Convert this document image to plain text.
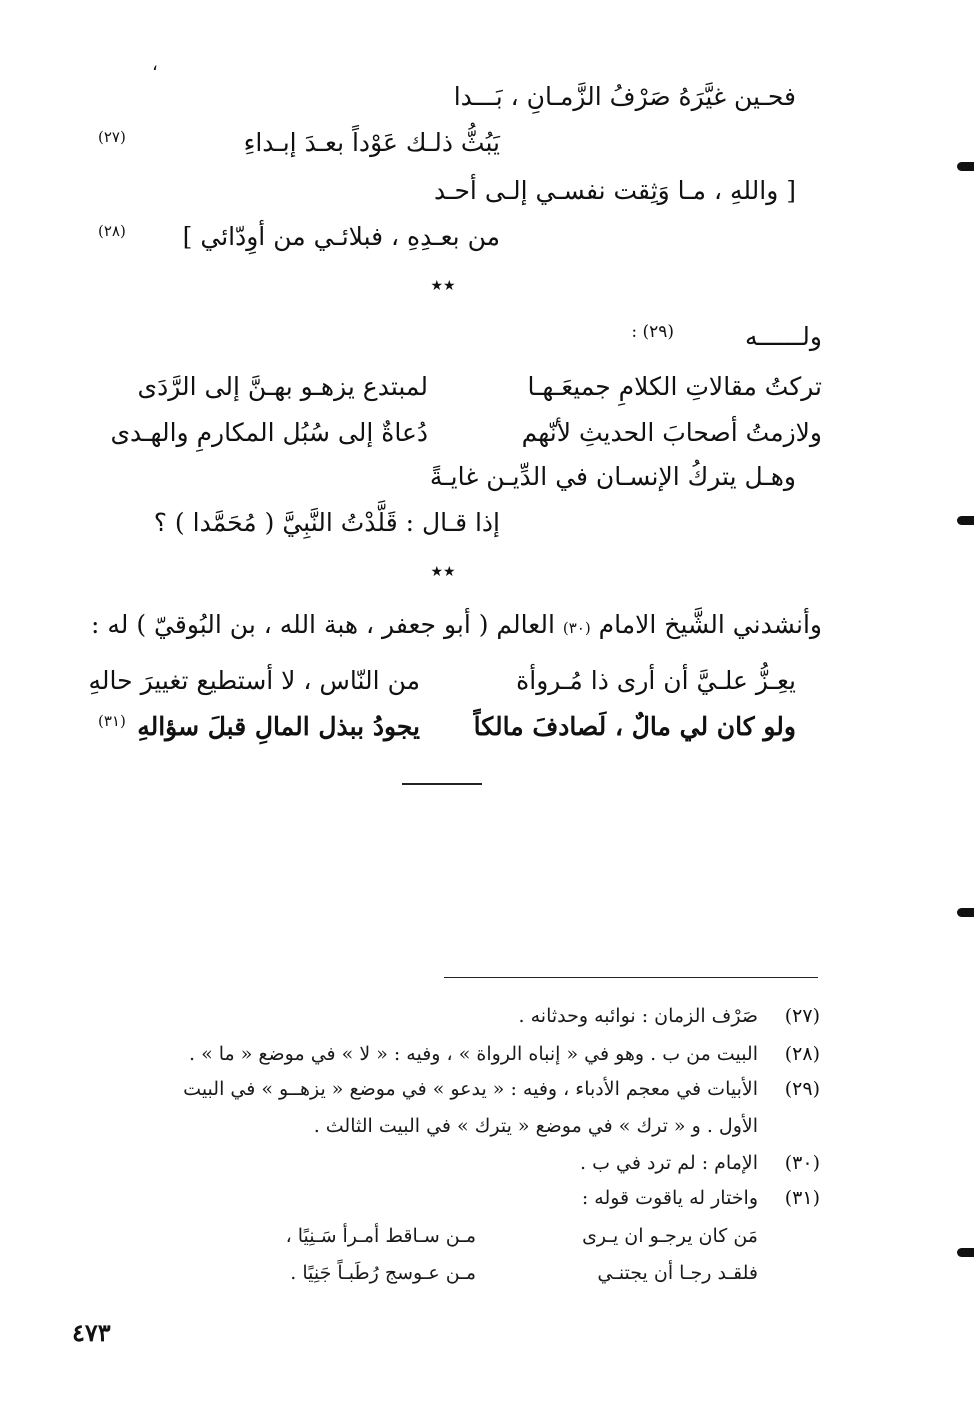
،
فحـين غيَّرَهُ صَرْفُ الزَّمـانِ ، بَـــدا
يَبُثُّ ذلـك عَوْداً بعـدَ إبـداءِ
(٢٧)
[ واللهِ ، مـا وَثِقت نفسـي إلـى أحـد
من بعـدِهِ ، فبلائـي من أوِدّائي ]
(٢٨)
★★
ولــــــه
(٢٩) :
تركتُ مقالاتِ الكلامِ جميعَـهـا
لمبتدع يزهـو بهـنَّ إلى الرَّدَى
ولازمتُ أصحابَ الحديثِ لأنّهم
دُعاةٌ إلى سُبُل المكارمِ والهـدى
وهـل يتركُ الإنسـان في الدِّيـن غايـةً
إذا قـال : قَلَّدْتُ النَّبِيَّ ( مُحَمَّدا ) ؟
★★
وأنشدني الشَّيخ الامام (٣٠) العالم ( أبو جعفر ، هبة الله ، بن البُوقيّ ) له :
يعِـزُّ علـيَّ أن أرى ذا مُـروأة
من النّاس ، لا أستطيع تغييرَ حالهِ
ولو كان لي مالٌ ، لَصادفَ مالكاً
يجودُ ببذل المالِ قبلَ سؤالهِ
(٣١)
(٢٧)
صَرْف الزمان : نوائبه وحدثانه .
(٢٨)
البيت من ب . وهو في « إنباه الرواة » ، وفيه : « لا » في موضع « ما » .
(٢٩)
الأبيات في معجم الأدباء ، وفيه : « يدعو » في موضع « يزهــو » في البيت
الأول . و « ترك » في موضع « يترك » في البيت الثالث .
(٣٠)
الإمام : لم ترد في ب .
(٣١)
واختار له ياقوت قوله :
مَن كان يرجـو ان يـرى
مـن سـاقط أمـرأ سَـنِيًا ،
فلقـد رجـا أن يجتنـي
مـن عـوسج رُطَبـاً جَنِيًا .
٤٧٣
